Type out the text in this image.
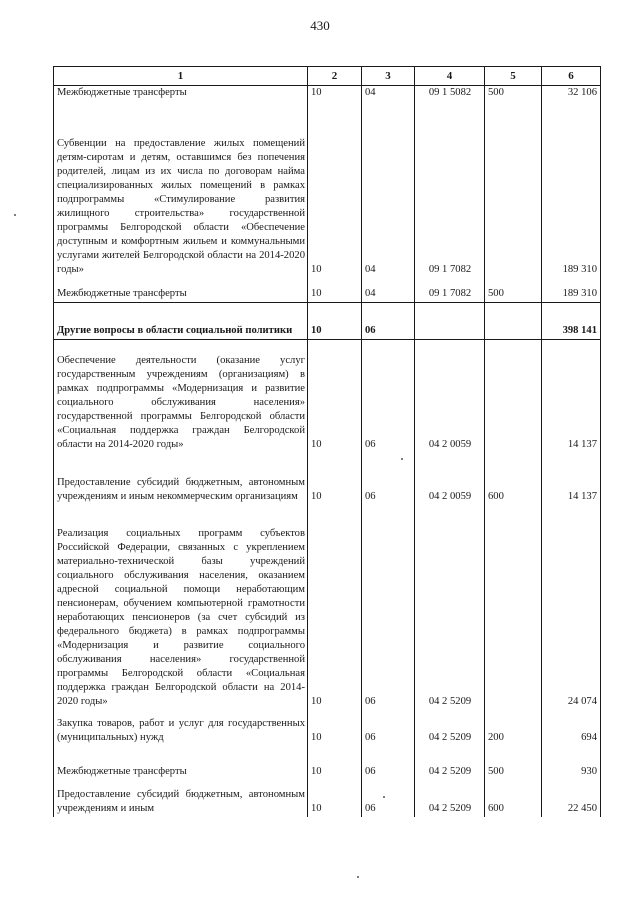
430
1	2	3	4	5	6
Межбюджетные трансферты	10	04	09 1 5082	500	32 106
Субвенции на предоставление жилых помещений детям-сиротам и детям, оставшимся без попечения родителей, лицам из их числа по договорам найма специализированных жилых помещений в рамках подпрограммы «Стимулирование развития жилищного строительства» государственной программы Белгородской области «Обеспечение доступным и комфортным жильем и коммунальными услугами жителей Белгородской области на 2014-2020 годы»	10	04	09 1 7082		189 310
Межбюджетные трансферты	10	04	09 1 7082	500	189 310
Другие вопросы в области социальной политики	10	06			398 141
Обеспечение деятельности (оказание услуг государственным учреждениям (организациям) в рамках подпрограммы «Модернизация и развитие социального обслуживания населения» государственной программы Белгородской области «Социальная поддержка граждан Белгородской области на 2014-2020 годы»	10	06	04 2 0059		14 137
Предоставление субсидий бюджетным, автономным учреждениям и иным некоммерческим организациям	10	06	04 2 0059	600	14 137
Реализация социальных программ субъектов Российской Федерации, связанных с укреплением материально-технической базы учреждений социального обслуживания населения, оказанием адресной социальной помощи неработающим пенсионерам, обучением компьютерной грамотности неработающих пенсионеров (за счет субсидий из федерального бюджета) в рамках подпрограммы «Модернизация и развитие социального обслуживания населения» государственной программы Белгородской области «Социальная поддержка граждан Белгородской области на 2014-2020 годы»	10	06	04 2 5209		24 074
Закупка товаров, работ и услуг для государственных (муниципальных) нужд	10	06	04 2 5209	200	694
Межбюджетные трансферты	10	06	04 2 5209	500	930
Предоставление субсидий бюджетным, автономным учреждениям и иным	10	06	04 2 5209	600	22 450
